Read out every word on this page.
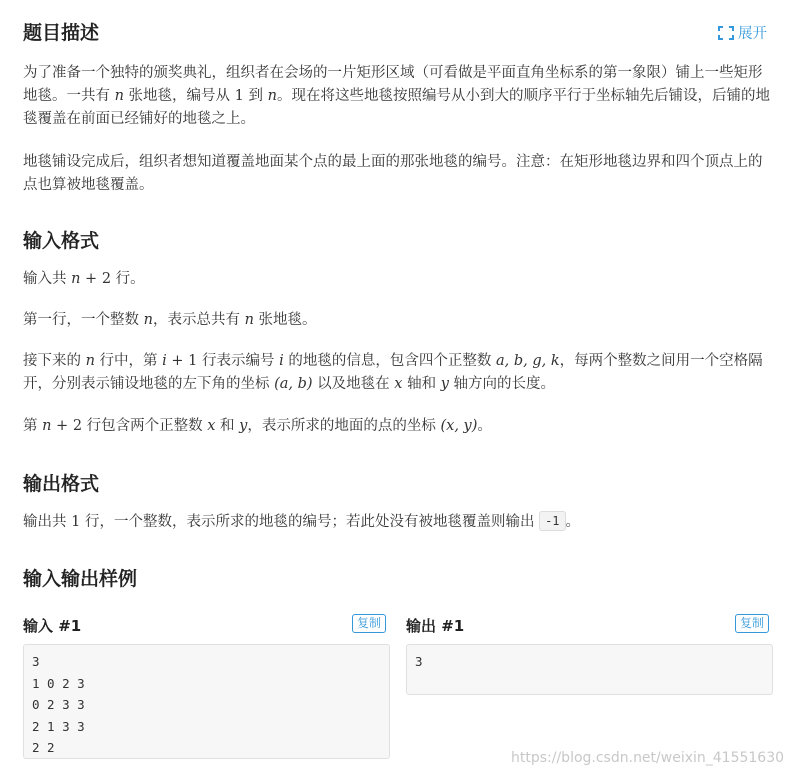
题目描述	展开

为了准备一个独特的颁奖典礼，组织者在会场的一片矩形区域（可看做是平面直角坐标系的第一象限）铺上一些矩形地毯。一共有 n 张地毯，编号从 1 到 n。现在将这些地毯按照编号从小到大的顺序平行于坐标轴先后铺设，后铺的地毯覆盖在前面已经铺好的地毯之上。

地毯铺设完成后，组织者想知道覆盖地面某个点的最上面的那张地毯的编号。注意：在矩形地毯边界和四个顶点上的点也算被地毯覆盖。

输入格式

输入共 n + 2 行。

第一行，一个整数 n，表示总共有 n 张地毯。

接下来的 n 行中，第 i + 1 行表示编号 i 的地毯的信息，包含四个正整数 a, b, g, k，每两个整数之间用一个空格隔开，分别表示铺设地毯的左下角的坐标 (a, b) 以及地毯在 x 轴和 y 轴方向的长度。

第 n + 2 行包含两个正整数 x 和 y，表示所求的地面的点的坐标 (x, y)。

输出格式

输出共 1 行，一个整数，表示所求的地毯的编号；若此处没有被地毯覆盖则输出 -1 。

输入输出样例
输入 #1	复制
3
1 0 2 3
0 2 3 3
2 1 3 3
2 2
输出 #1	复制
3
https://blog.csdn.net/weixin_41551630
